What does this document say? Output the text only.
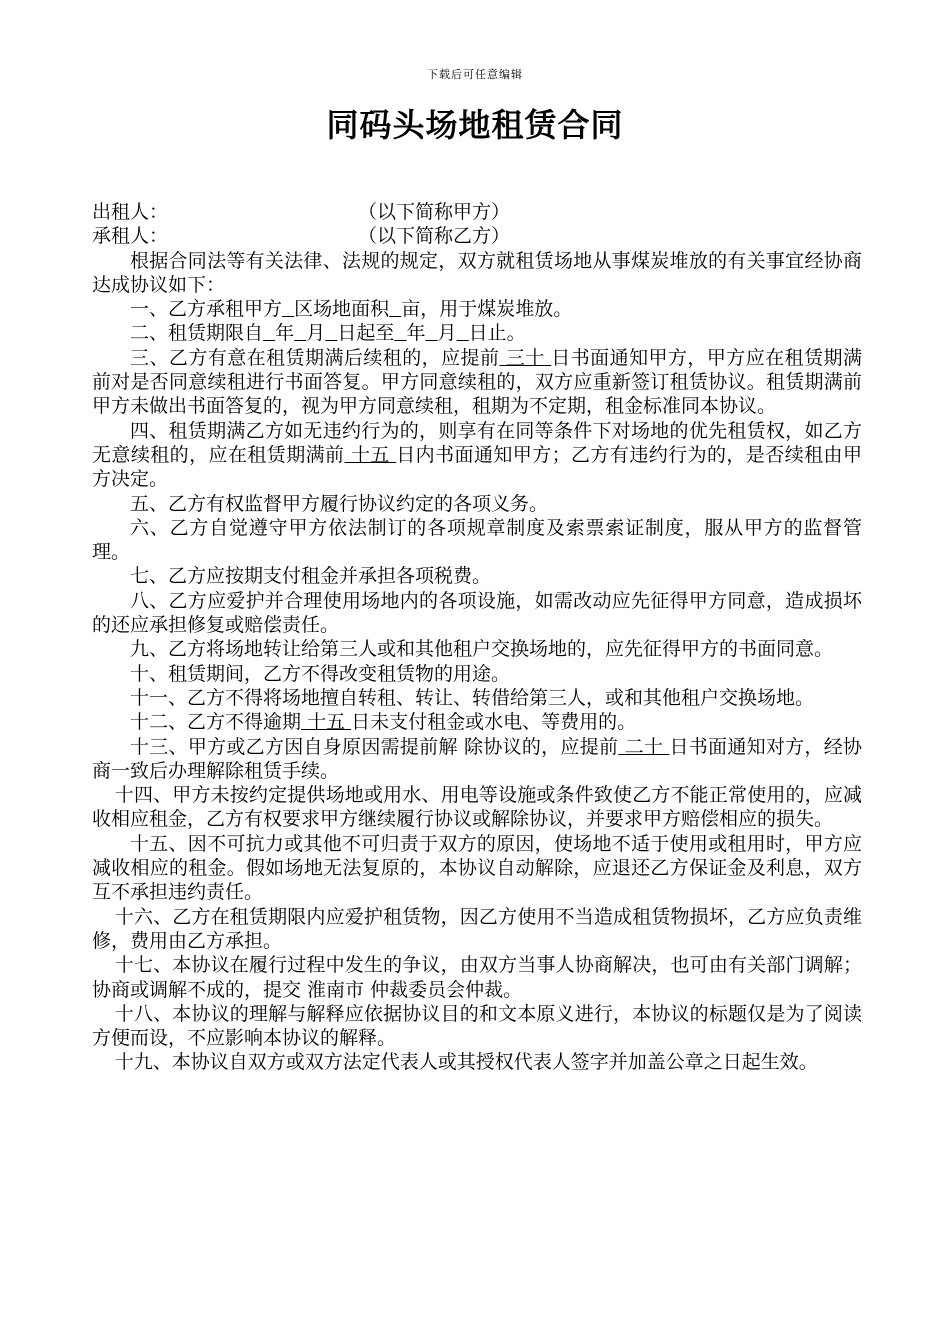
下载后可任意编辑
同码头场地租赁合同
出租人：	（以下简称甲方）
承租人：	（以下简称乙方）

根据合同法等有关法律、法规的规定，双方就租赁场地从事煤炭堆放的有关事宜经协商达成协议如下：

一、乙方承租甲方 区场地面积 亩，用于煤炭堆放。

二、租赁期限自 年 月 日起至 年 月 日止。

三、乙方有意在租赁期满后续租的，应提前 三十 日书面通知甲方，甲方应在租赁期满前对是否同意续租进行书面答复。甲方同意续租的，双方应重新签订租赁协议。租赁期满前甲方未做出书面答复的，视为甲方同意续租，租期为不定期，租金标准同本协议。

四、租赁期满乙方如无违约行为的，则享有在同等条件下对场地的优先租赁权，如乙方无意续租的，应在租赁期满前 十五 日内书面通知甲方；乙方有违约行为的，是否续租由甲方决定。

五、乙方有权监督甲方履行协议约定的各项义务。

六、乙方自觉遵守甲方依法制订的各项规章制度及索票索证制度，服从甲方的监督管理。

七、乙方应按期支付租金并承担各项税费。

八、乙方应爱护并合理使用场地内的各项设施，如需改动应先征得甲方同意，造成损坏的还应承担修复或赔偿责任。

九、乙方将场地转让给第三人或和其他租户交换场地的，应先征得甲方的书面同意。

十、租赁期间，乙方不得改变租赁物的用途。

十一、乙方不得将场地擅自转租、转让、转借给第三人，或和其他租户交换场地。

十二、乙方不得逾期 十五 日未支付租金或水电、等费用的。

十三、甲方或乙方因自身原因需提前解 除协议的，应提前 二十 日书面通知对方，经协商一致后办理解除租赁手续。

十四、甲方未按约定提供场地或用水、用电等设施或条件致使乙方不能正常使用的，应减收相应租金，乙方有权要求甲方继续履行协议或解除协议，并要求甲方赔偿相应的损失。

十五、因不可抗力或其他不可归责于双方的原因，使场地不适于使用或租用时，甲方应减收相应的租金。假如场地无法复原的，本协议自动解除，应退还乙方保证金及利息，双方互不承担违约责任。

十六、乙方在租赁期限内应爱护租赁物，因乙方使用不当造成租赁物损坏，乙方应负责维修，费用由乙方承担。

十七、本协议在履行过程中发生的争议，由双方当事人协商解决，也可由有关部门调解；协商或调解不成的，提交 淮南市 仲裁委员会仲裁。

十八、本协议的理解与解释应依据协议目的和文本原义进行，本协议的标题仅是为了阅读方便而设，不应影响本协议的解释。

十九、本协议自双方或双方法定代表人或其授权代表人签字并加盖公章之日起生效。
